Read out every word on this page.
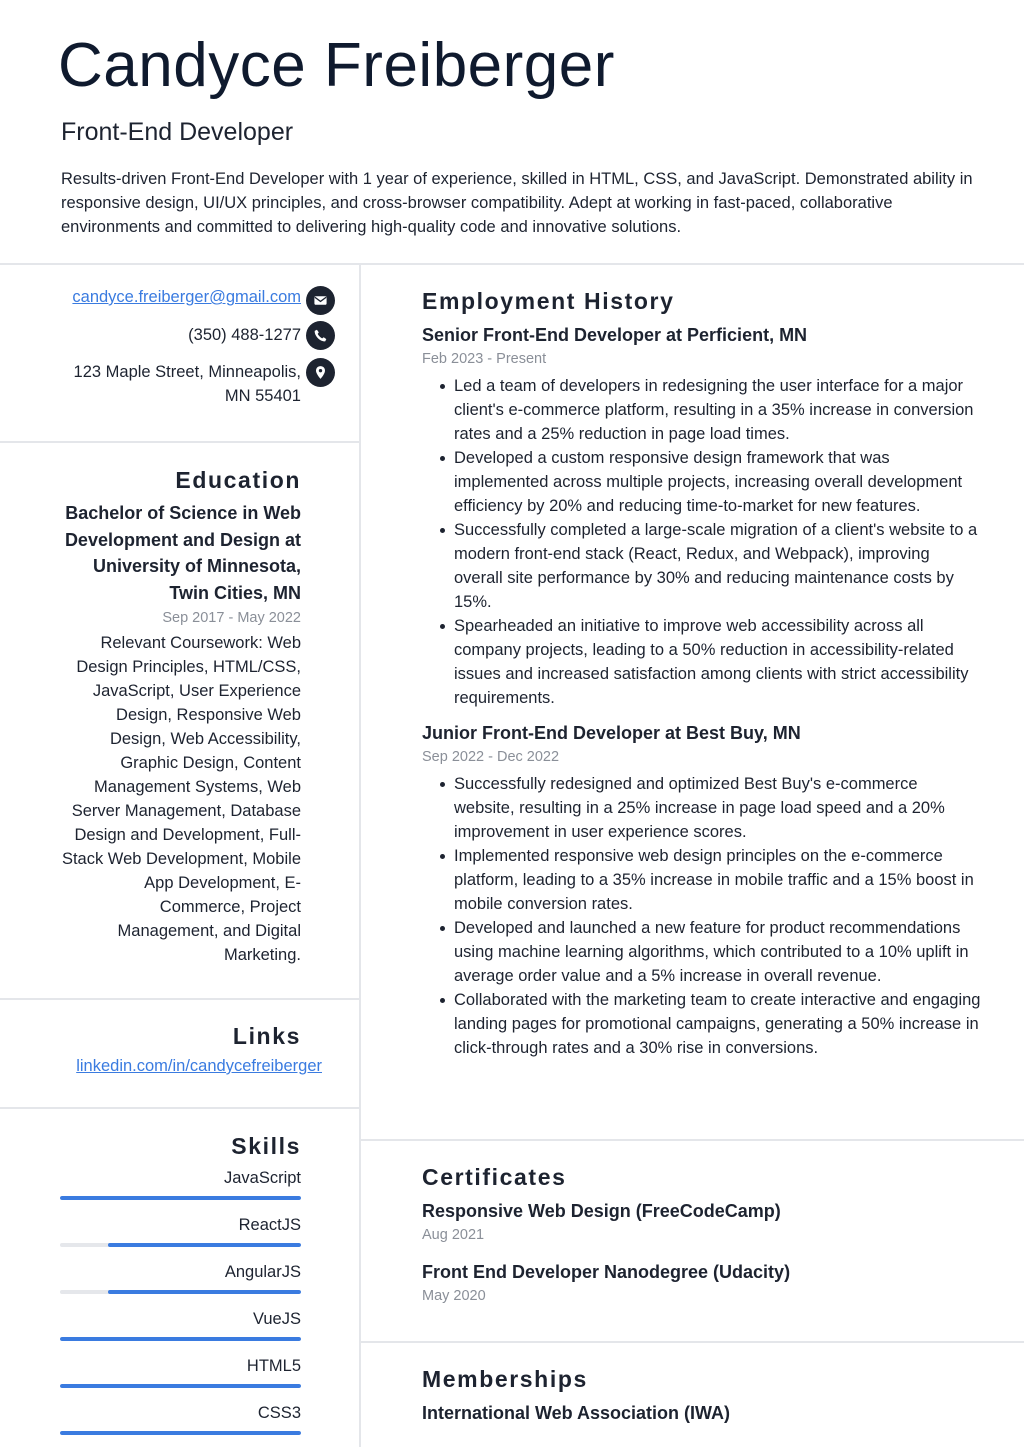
Candyce Freiberger
Front-End Developer

Results-driven Front-End Developer with 1 year of experience, skilled in HTML, CSS, and JavaScript. Demonstrated ability in responsive design, UI/UX principles, and cross-browser compatibility. Adept at working in fast-paced, collaborative environments and committed to delivering high-quality code and innovative solutions.

candyce.freiberger@gmail.com
(350) 488-1277
123 Maple Street, Minneapolis,
MN 55401
Education
Bachelor of Science in Web Development and Design at University of Minnesota, Twin Cities, MN
Sep 2017 - May 2022
Relevant Coursework: Web Design Principles, HTML/CSS, JavaScript, User Experience Design, Responsive Web Design, Web Accessibility, Graphic Design, Content Management Systems, Web Server Management, Database Design and Development, Full-Stack Web Development, Mobile App Development, E-Commerce, Project Management, and Digital Marketing.
Links
linkedin.com/in/candycefreiberger
Skills
JavaScript
ReactJS
AngularJS
VueJS
HTML5
CSS3
Employment History
Senior Front-End Developer at Perficient, MN
Feb 2023 - Present
Led a team of developers in redesigning the user interface for a major client's e-commerce platform, resulting in a 35% increase in conversion rates and a 25% reduction in page load times.
Developed a custom responsive design framework that was implemented across multiple projects, increasing overall development efficiency by 20% and reducing time-to-market for new features.
Successfully completed a large-scale migration of a client's website to a modern front-end stack (React, Redux, and Webpack), improving overall site performance by 30% and reducing maintenance costs by 15%.
Spearheaded an initiative to improve web accessibility across all company projects, leading to a 50% reduction in accessibility-related issues and increased satisfaction among clients with strict accessibility requirements.
Junior Front-End Developer at Best Buy, MN
Sep 2022 - Dec 2022
Successfully redesigned and optimized Best Buy's e-commerce website, resulting in a 25% increase in page load speed and a 20% improvement in user experience scores.
Implemented responsive web design principles on the e-commerce platform, leading to a 35% increase in mobile traffic and a 15% boost in mobile conversion rates.
Developed and launched a new feature for product recommendations using machine learning algorithms, which contributed to a 10% uplift in average order value and a 5% increase in overall revenue.
Collaborated with the marketing team to create interactive and engaging landing pages for promotional campaigns, generating a 50% increase in click-through rates and a 30% rise in conversions.
Certificates
Responsive Web Design (FreeCodeCamp)
Aug 2021
Front End Developer Nanodegree (Udacity)
May 2020
Memberships
International Web Association (IWA)
